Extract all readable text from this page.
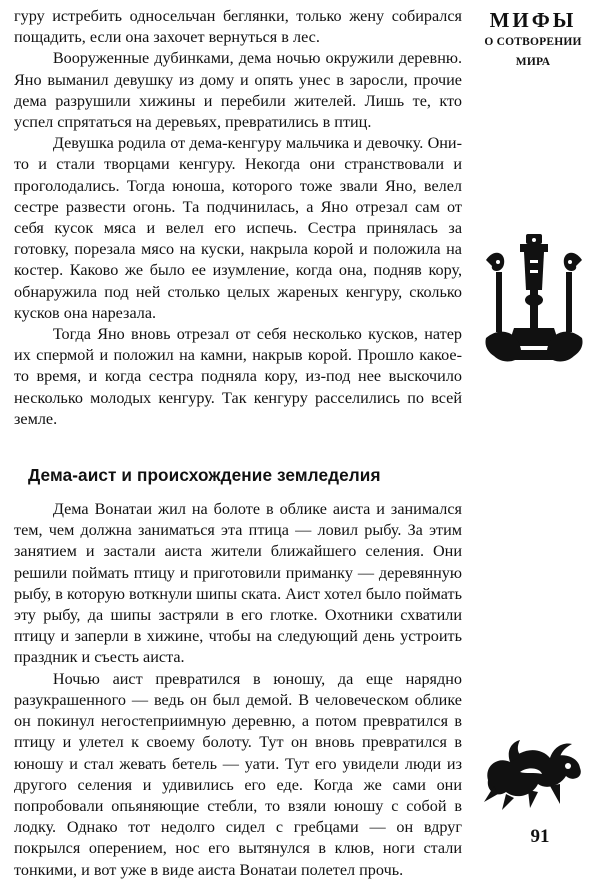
МИФЫ
О СОТВОРЕНИИ
МИРА

гуру истребить односельчан беглянки, только жену собирался пощадить, если она захочет вернуться в лес.

Вооруженные дубинками, дема ночью окружили деревню. Яно выманил девушку из дому и опять унес в заросли, прочие дема разрушили хижины и перебили жителей. Лишь те, кто успел спрятаться на деревьях, превратились в птиц.

Девушка родила от дема-кенгуру мальчика и девочку. Они-то и стали творцами кенгуру. Некогда они странствовали и проголодались. Тогда юноша, которого тоже звали Яно, велел сестре развести огонь. Та подчинилась, а Яно отрезал сам от себя кусок мяса и велел его испечь. Сестра принялась за готовку, порезала мясо на куски, накрыла корой и положила на костер. Каково же было ее изумление, когда она, подняв кору, обнаружила под ней столько целых жареных кенгуру, сколько кусков она нарезала.

Тогда Яно вновь отрезал от себя несколько кусков, натер их спермой и положил на камни, накрыв корой. Прошло какое-то время, и когда сестра подняла кору, из-под нее выскочило несколько молодых кенгуру. Так кенгуру расселились по всей земле.

Дема-аист и происхождение земледелия

Дема Вонатаи жил на болоте в облике аиста и занимался тем, чем должна заниматься эта птица — ловил рыбу. За этим занятием и застали аиста жители ближайшего селения. Они решили поймать птицу и приготовили приманку — деревянную рыбу, в которую воткнули шипы ската. Аист хотел было поймать эту рыбу, да шипы застряли в его глотке. Охотники схватили птицу и заперли в хижине, чтобы на следующий день устроить праздник и съесть аиста.

Ночью аист превратился в юношу, да еще нарядно разукрашенного — ведь он был демой. В человеческом облике он покинул негостеприимную деревню, а потом превратился в птицу и улетел к своему болоту. Тут он вновь превратился в юношу и стал жевать бетель — уати. Тут его увидели люди из другого селения и удивились его еде. Когда же сами они попробовали опьяняющие стебли, то взяли юношу с собой в лодку. Однако тот недолго сидел с гребцами — он вдруг покрылся оперением, нос его вытянулся в клюв, ноги стали тонкими, и вот уже в виде аиста Вонатаи полетел прочь.

91
